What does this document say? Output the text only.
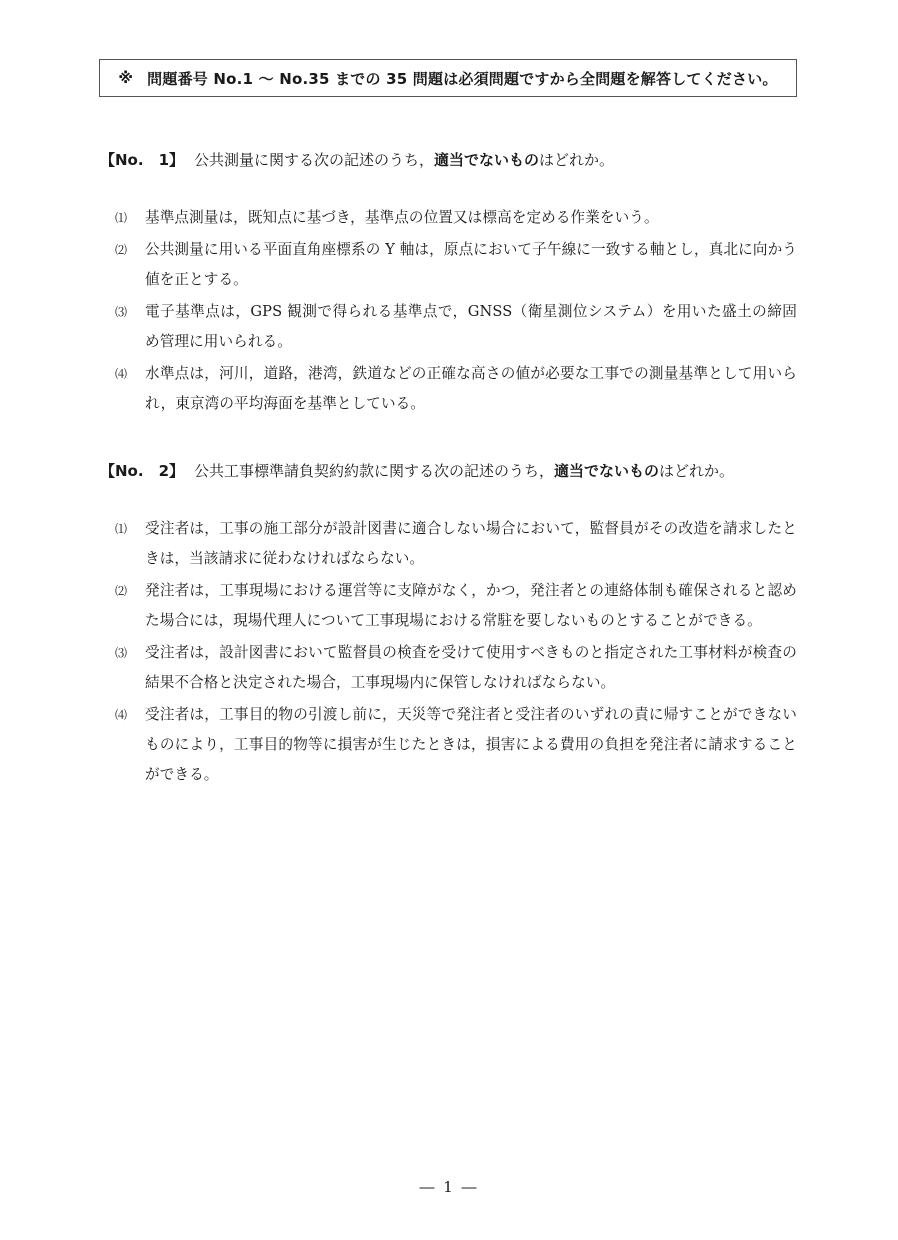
※ 問題番号 No.1 ～ No.35 までの 35 問題は必須問題ですから全問題を解答してください。
【No. 1】 公共測量に関する次の記述のうち，適当でないものはどれか。
⑴	基準点測量は，既知点に基づき，基準点の位置又は標高を定める作業をいう。
⑵	公共測量に用いる平面直角座標系の Y 軸は，原点において子午線に一致する軸とし，真北に向かう値を正とする。
⑶	電子基準点は，GPS 観測で得られる基準点で，GNSS（衛星測位システム）を用いた盛土の締固め管理に用いられる。
⑷	水準点は，河川，道路，港湾，鉄道などの正確な高さの値が必要な工事での測量基準として用いられ，東京湾の平均海面を基準としている。
【No. 2】 公共工事標準請負契約約款に関する次の記述のうち，適当でないものはどれか。
⑴	受注者は，工事の施工部分が設計図書に適合しない場合において，監督員がその改造を請求したときは，当該請求に従わなければならない。
⑵	発注者は，工事現場における運営等に支障がなく，かつ，発注者との連絡体制も確保されると認めた場合には，現場代理人について工事現場における常駐を要しないものとすることができる。
⑶	受注者は，設計図書において監督員の検査を受けて使用すべきものと指定された工事材料が検査の結果不合格と決定された場合，工事現場内に保管しなければならない。
⑷	受注者は，工事目的物の引渡し前に，天災等で発注者と受注者のいずれの責に帰すことができないものにより，工事目的物等に損害が生じたときは，損害による費用の負担を発注者に請求することができる。
― 1 ―
